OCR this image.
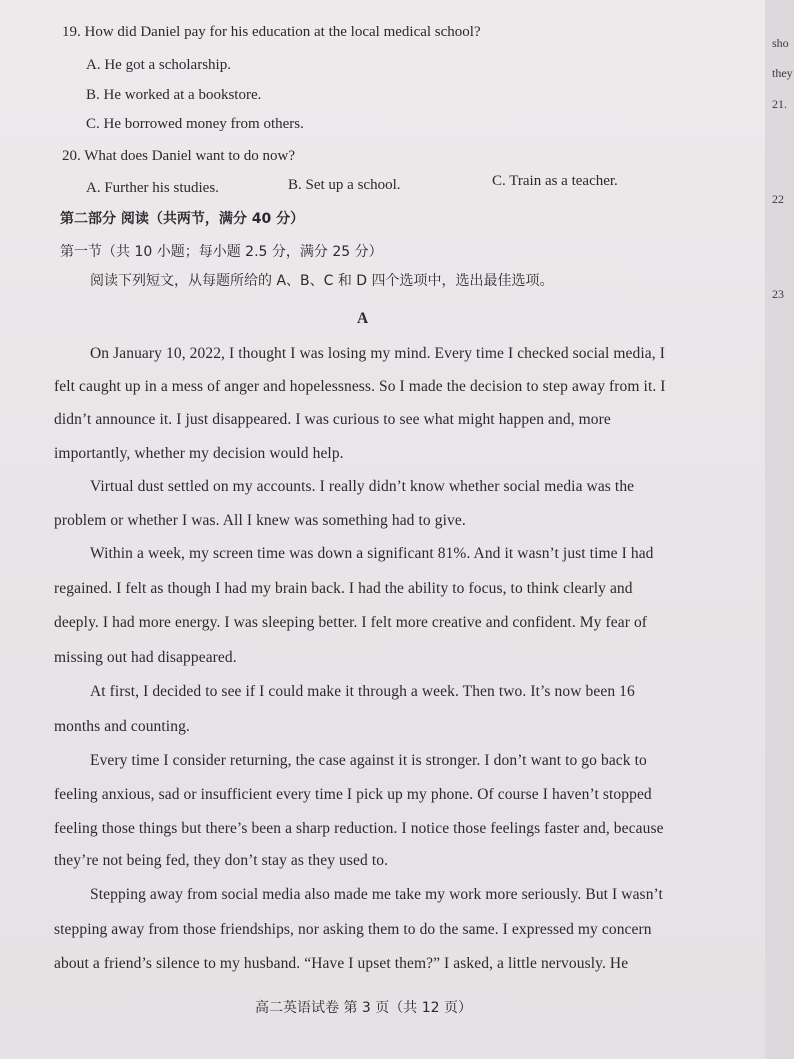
19. How did Daniel pay for his education at the local medical school?
A. He got a scholarship.
B. He worked at a bookstore.
C. He borrowed money from others.
20. What does Daniel want to do now?
A. Further his studies.	B. Set up a school.	C. Train as a teacher.
第二部分 阅读（共两节，满分 40 分）
第一节（共 10 小题；每小题 2.5 分，满分 25 分）
阅读下列短文，从每题所给的 A、B、C 和 D 四个选项中，选出最佳选项。
A
On January 10, 2022, I thought I was losing my mind. Every time I checked social media, I
felt caught up in a mess of anger and hopelessness. So I made the decision to step away from it. I
didn’t announce it. I just disappeared. I was curious to see what might happen and, more
importantly, whether my decision would help.
Virtual dust settled on my accounts. I really didn’t know whether social media was the
problem or whether I was. All I knew was something had to give.
Within a week, my screen time was down a significant 81%. And it wasn’t just time I had
regained. I felt as though I had my brain back. I had the ability to focus, to think clearly and
deeply. I had more energy. I was sleeping better. I felt more creative and confident. My fear of
missing out had disappeared.
At first, I decided to see if I could make it through a week. Then two. It’s now been 16
months and counting.
Every time I consider returning, the case against it is stronger. I don’t want to go back to
feeling anxious, sad or insufficient every time I pick up my phone. Of course I haven’t stopped
feeling those things but there’s been a sharp reduction. I notice those feelings faster and, because
they’re not being fed, they don’t stay as they used to.
Stepping away from social media also made me take my work more seriously. But I wasn’t
stepping away from those friendships, nor asking them to do the same. I expressed my concern
about a friend’s silence to my husband. “Have I upset them?” I asked, a little nervously. He
高二英语试卷 第 3 页（共 12 页）
sho
they
21.
22
23
